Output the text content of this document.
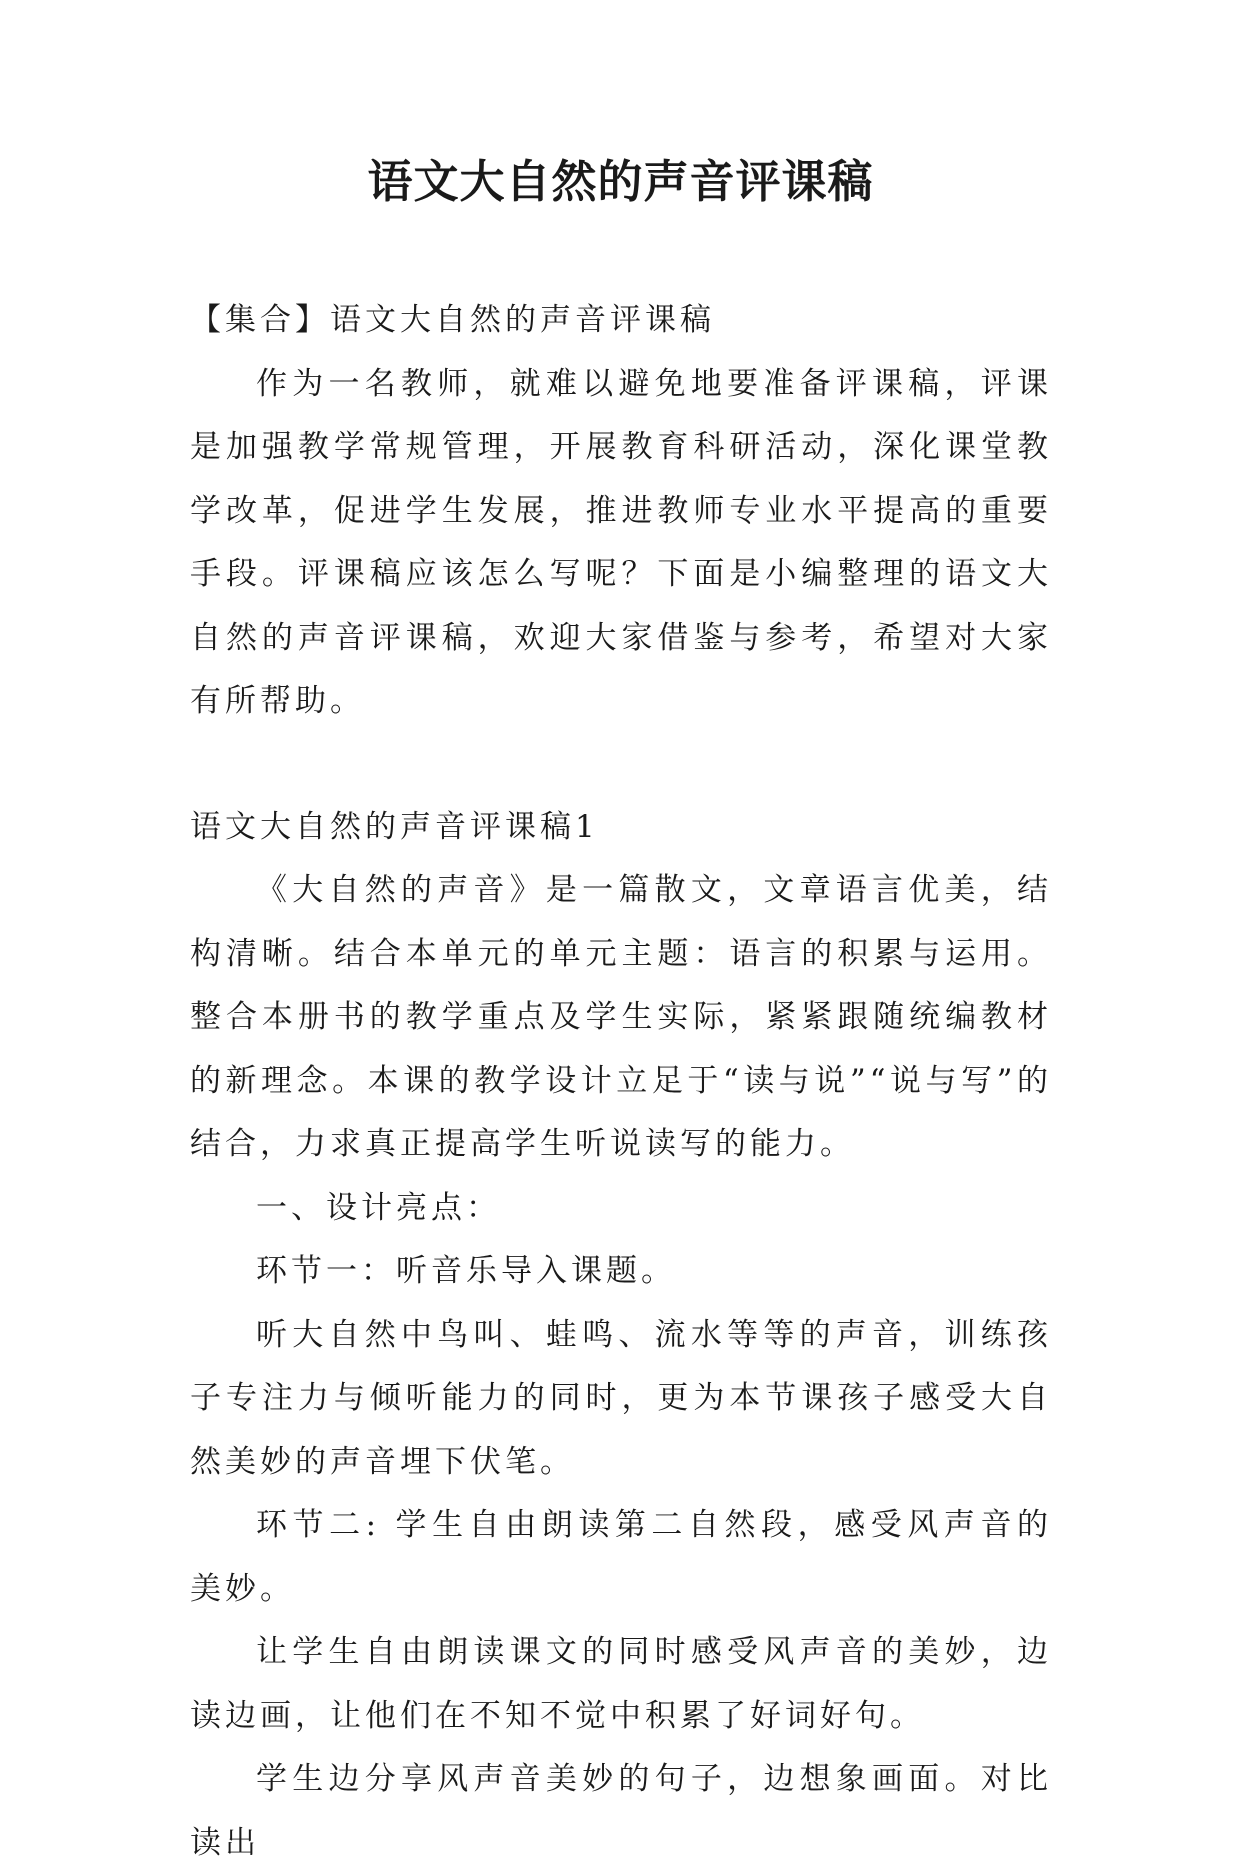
语文大自然的声音评课稿

【集合】语文大自然的声音评课稿

作为一名教师，就难以避免地要准备评课稿，评课是加强教学常规管理，开展教育科研活动，深化课堂教学改革，促进学生发展，推进教师专业水平提高的重要手段。评课稿应该怎么写呢？下面是小编整理的语文大自然的声音评课稿，欢迎大家借鉴与参考，希望对大家有所帮助。

语文大自然的声音评课稿1

《大自然的声音》是一篇散文，文章语言优美，结构清晰。结合本单元的单元主题：语言的积累与运用。整合本册书的教学重点及学生实际，紧紧跟随统编教材的新理念。本课的教学设计立足于“读与说”“说与写”的结合，力求真正提高学生听说读写的能力。

一、设计亮点：

环节一：听音乐导入课题。

听大自然中鸟叫、蛙鸣、流水等等的声音，训练孩子专注力与倾听能力的同时，更为本节课孩子感受大自然美妙的声音埋下伏笔。

环节二: 学生自由朗读第二自然段，感受风声音的美妙。

让学生自由朗读课文的同时感受风声音的美妙，边读边画，让他们在不知不觉中积累了好词好句。

学生边分享风声音美妙的句子，边想象画面。对比读出
